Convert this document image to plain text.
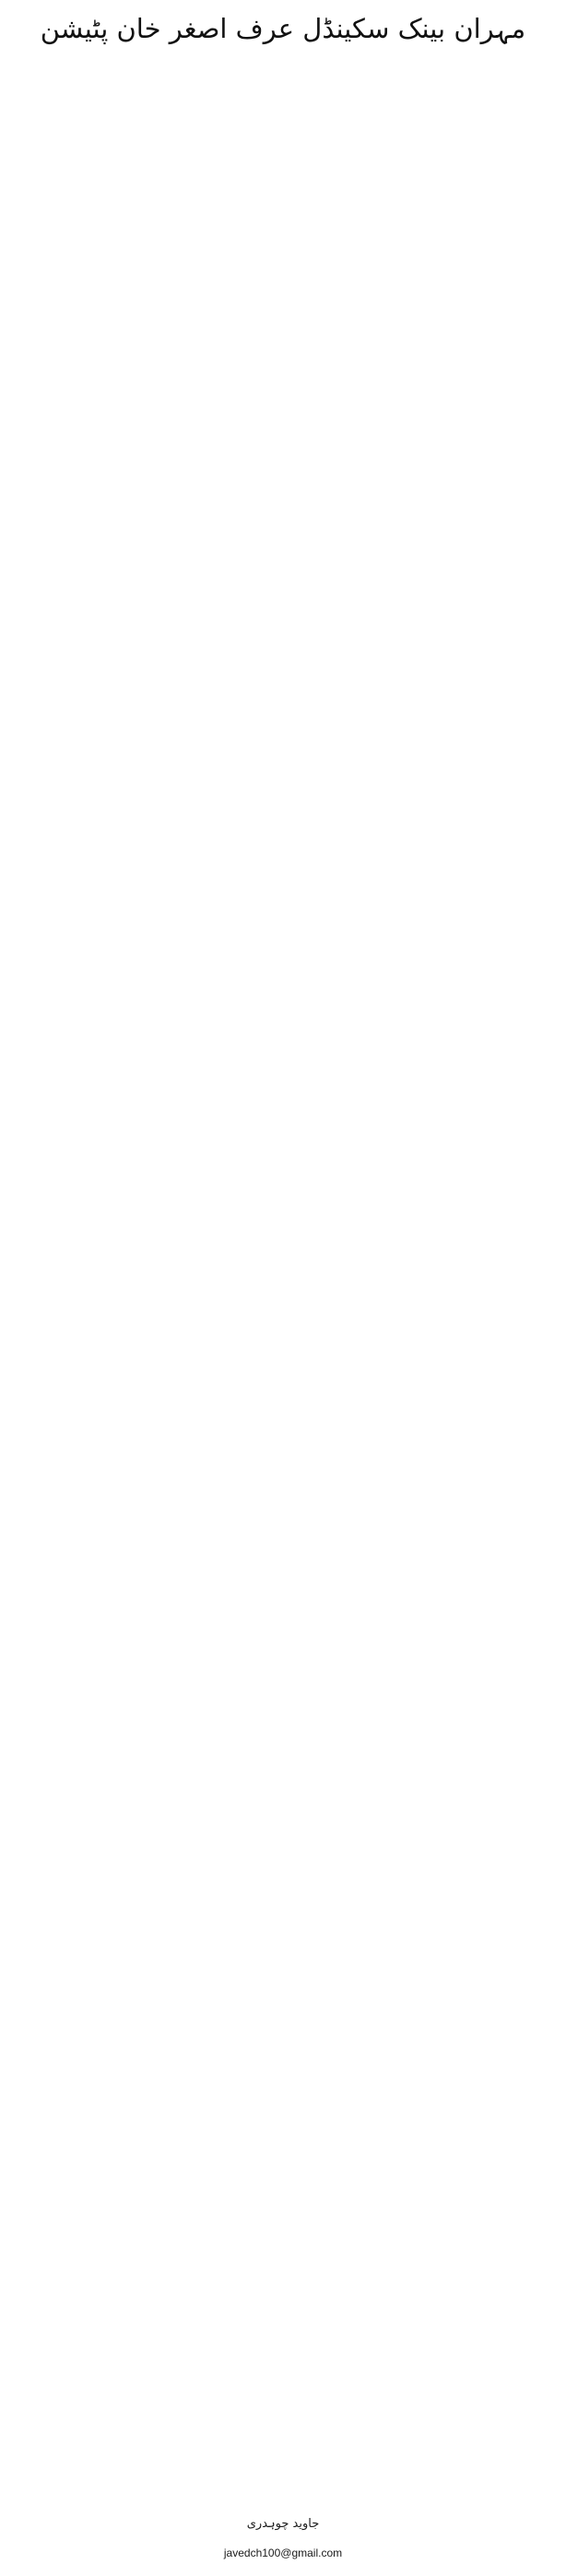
مہران بینک سکینڈل عرف اصغر خان پٹیشن
جاوید چوہدری
javedch100@gmail.com
